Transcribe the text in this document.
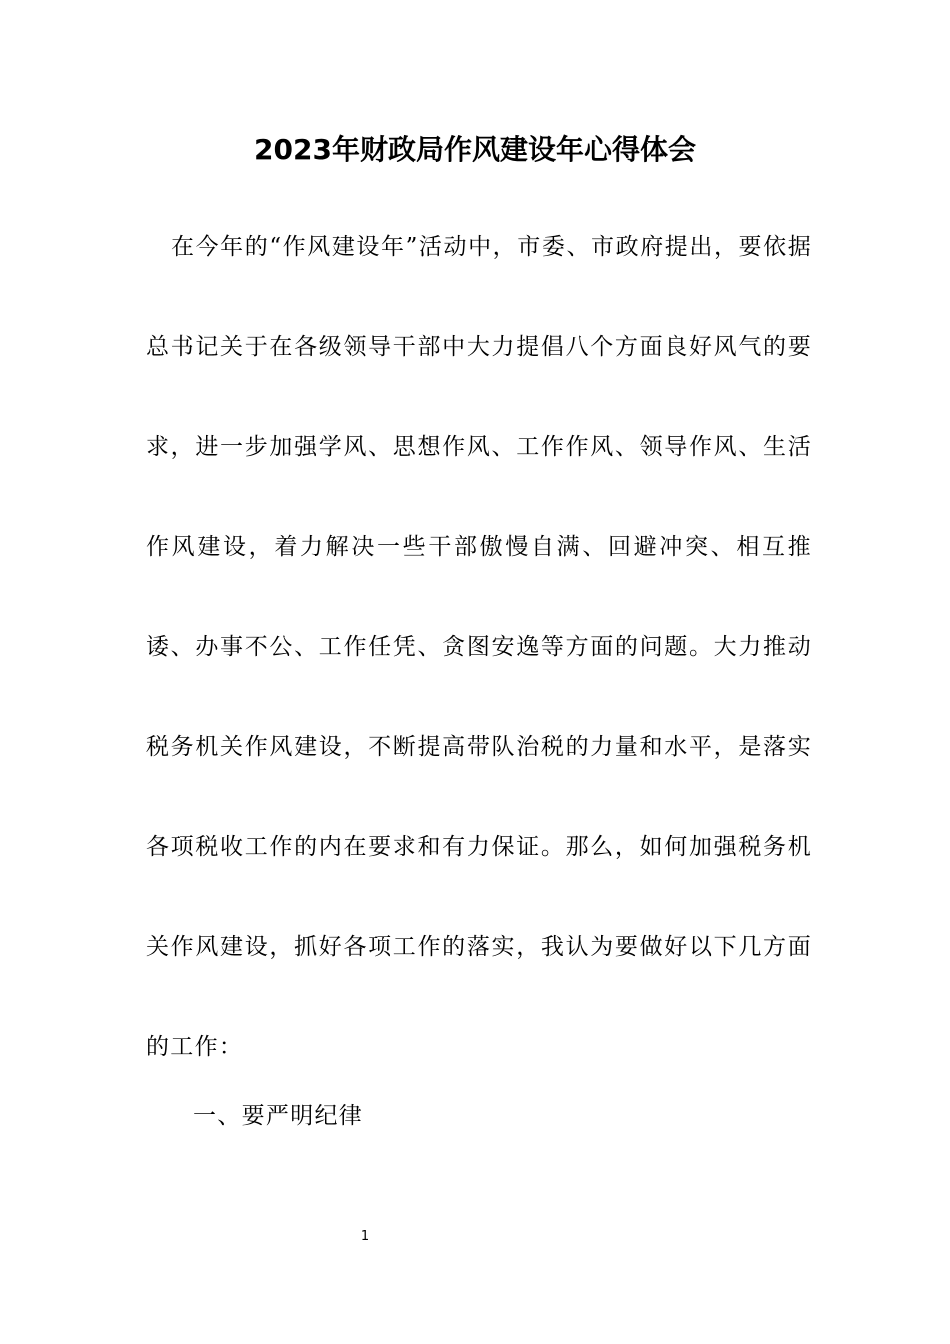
2023年财政局作风建设年心得体会

在今年的“作风建设年”活动中，市委、市政府提出，要依据总书记关于在各级领导干部中大力提倡八个方面良好风气的要求，进一步加强学风、思想作风、工作作风、领导作风、生活作风建设，着力解决一些干部傲慢自满、回避冲突、相互推诿、办事不公、工作任凭、贪图安逸等方面的问题。大力推动税务机关作风建设，不断提高带队治税的力量和水平，是落实各项税收工作的内在要求和有力保证。那么，如何加强税务机关作风建设，抓好各项工作的落实，我认为要做好以下几方面的工作：

一、要严明纪律
1
